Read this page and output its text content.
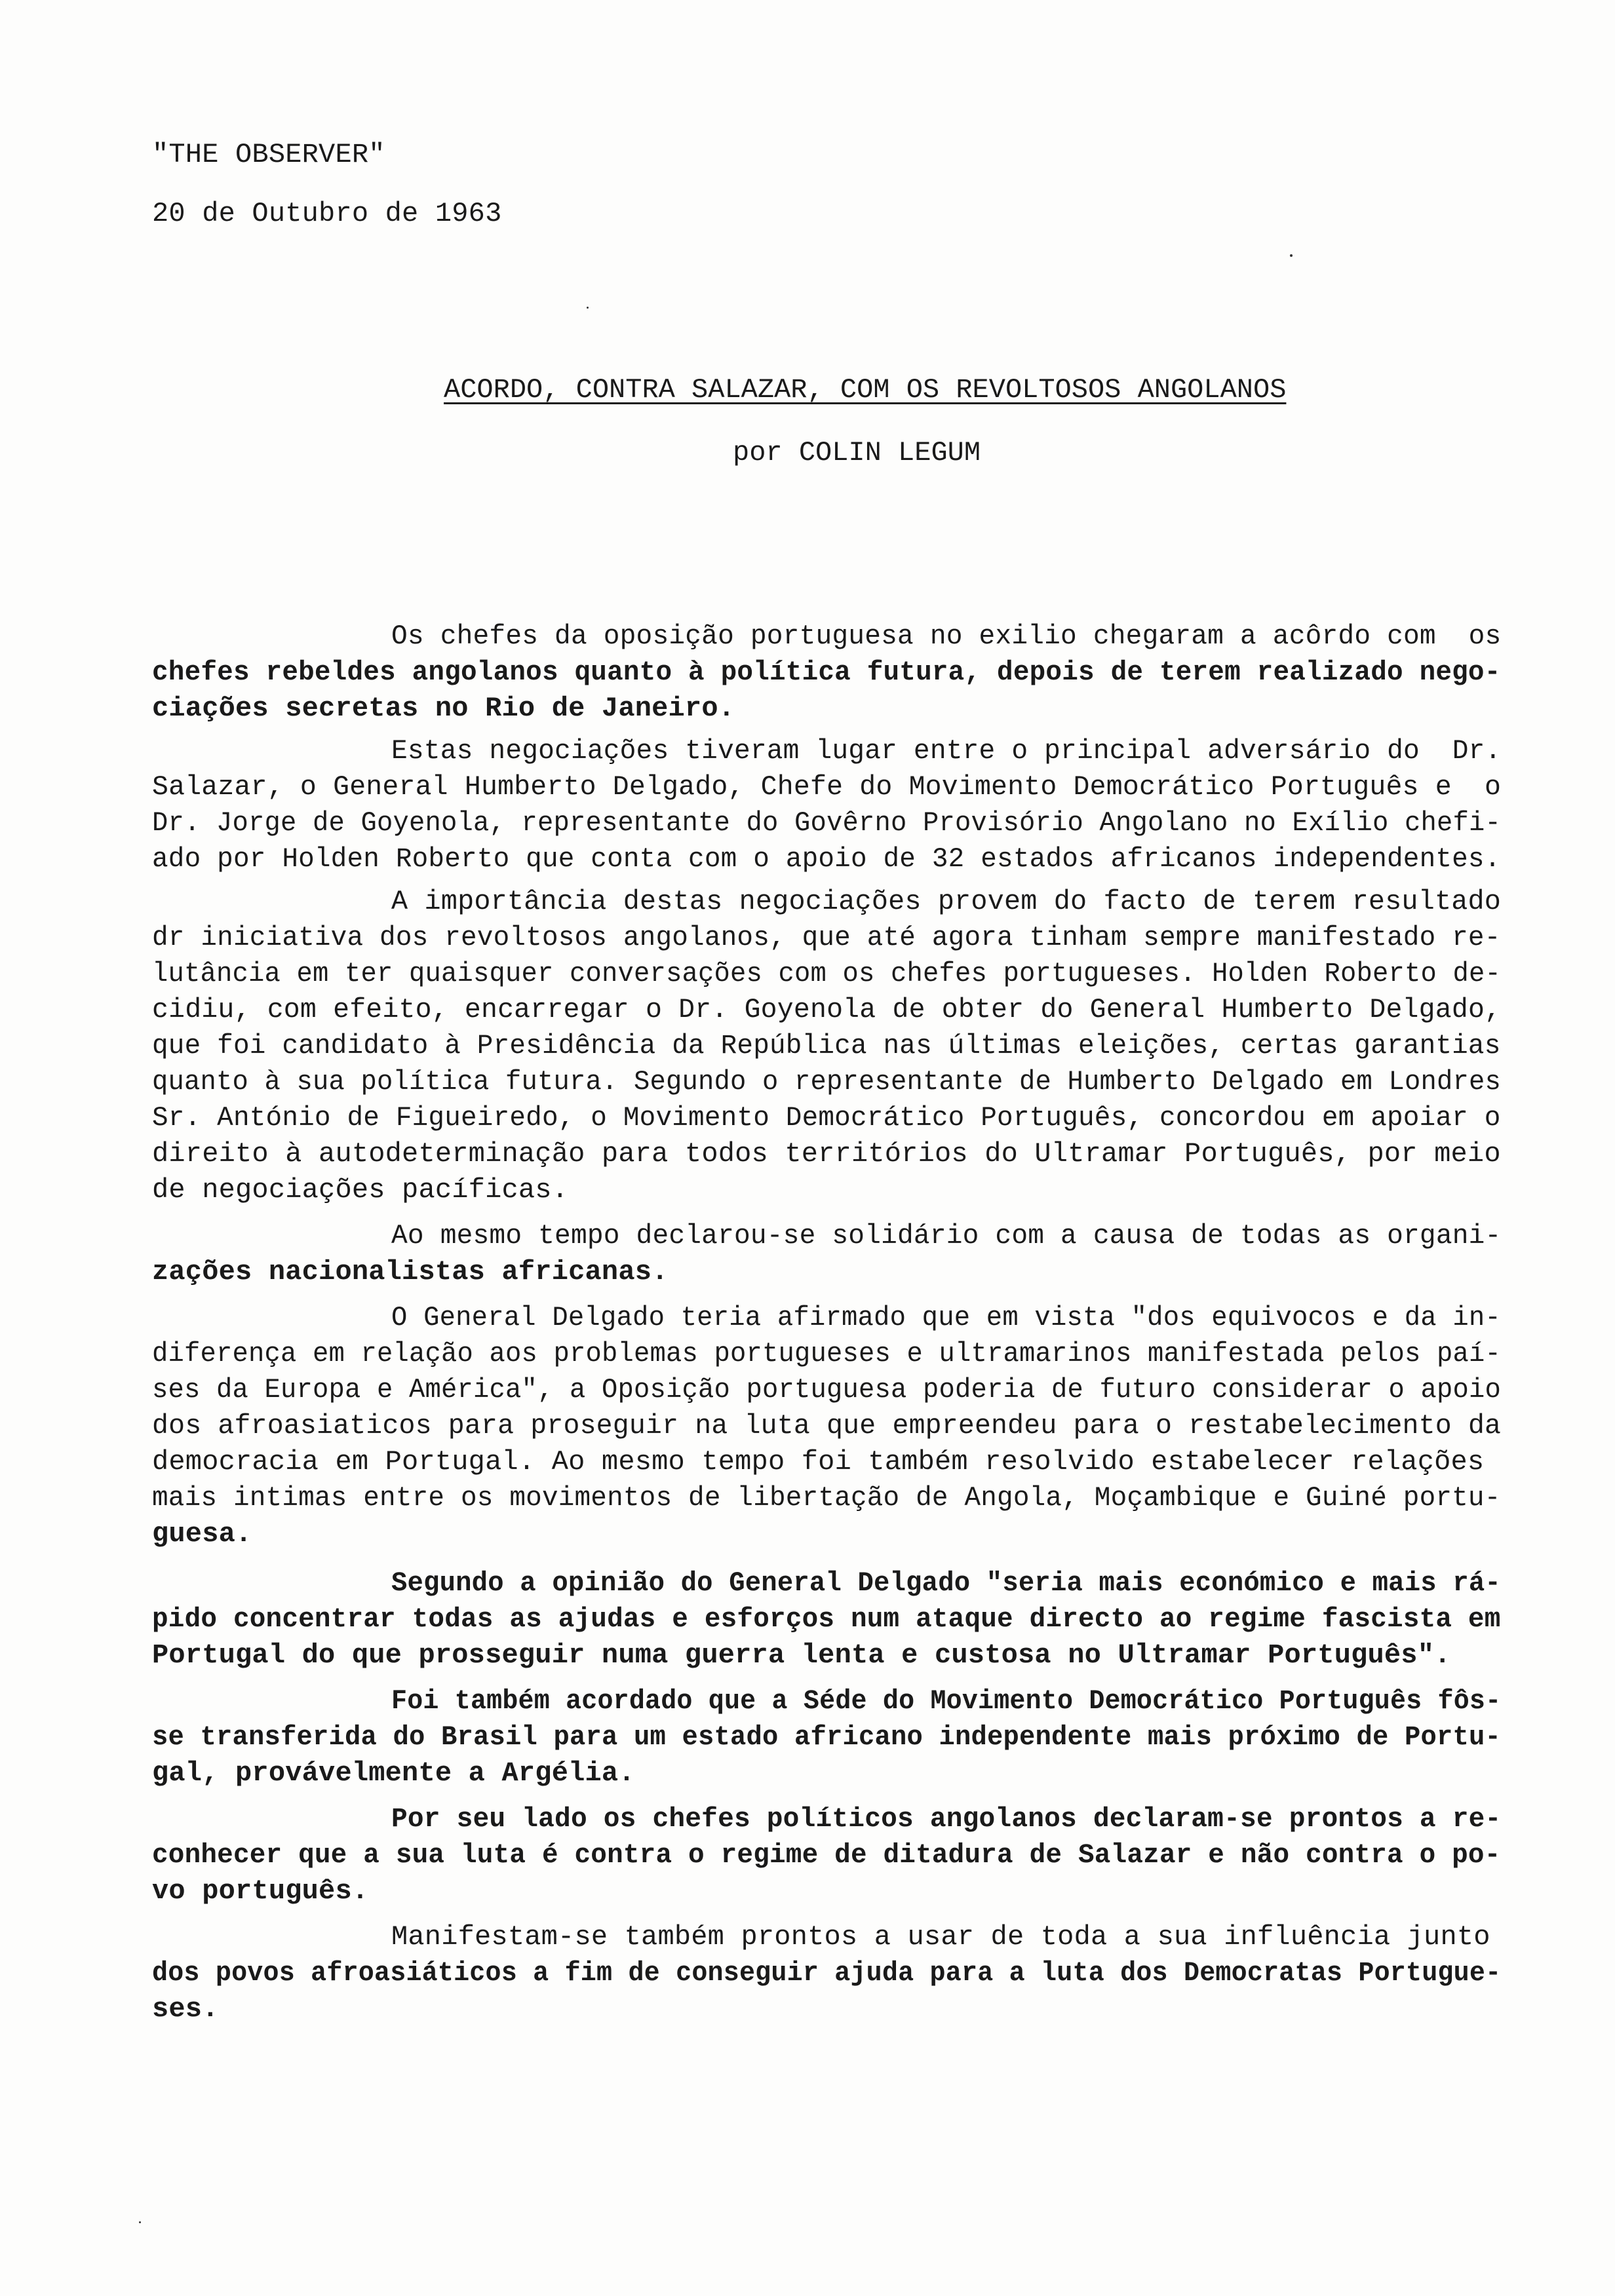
"THE OBSERVER"
20 de Outubro de 1963
ACORDO, CONTRA SALAZAR, COM OS REVOLTOSOS ANGOLANOS
por COLIN LEGUM
Os chefes da oposição portuguesa no exilio chegaram a acôrdo com  os
chefes rebeldes angolanos quanto à política futura, depois de terem realizado nego-
ciações secretas no Rio de Janeiro.
Estas negociações tiveram lugar entre o principal adversário do  Dr.
Salazar, o General Humberto Delgado, Chefe do Movimento Democrático Português e  o
Dr. Jorge de Goyenola, representante do Govêrno Provisório Angolano no Exílio chefi-
ado por Holden Roberto que conta com o apoio de 32 estados africanos independentes.
A importância destas negociações provem do facto de terem resultado
dr iniciativa dos revoltosos angolanos, que até agora tinham sempre manifestado re-
lutância em ter quaisquer conversações com os chefes portugueses. Holden Roberto de-
cidiu, com efeito, encarregar o Dr. Goyenola de obter do General Humberto Delgado,
que foi candidato à Presidência da República nas últimas eleições, certas garantias
quanto à sua política futura. Segundo o representante de Humberto Delgado em Londres
Sr. António de Figueiredo, o Movimento Democrático Português, concordou em apoiar o
direito à autodeterminação para todos territórios do Ultramar Português, por meio
de negociações pacíficas.
Ao mesmo tempo declarou-se solidário com a causa de todas as organi-
zações nacionalistas africanas.
O General Delgado teria afirmado que em vista "dos equivocos e da in-
diferença em relação aos problemas portugueses e ultramarinos manifestada pelos paí-
ses da Europa e América", a Oposição portuguesa poderia de futuro considerar o apoio
dos afroasiaticos para proseguir na luta que empreendeu para o restabelecimento da
democracia em Portugal. Ao mesmo tempo foi também resolvido estabelecer relações
mais intimas entre os movimentos de libertação de Angola, Moçambique e Guiné portu-
guesa.
Segundo a opinião do General Delgado "seria mais económico e mais rá-
pido concentrar todas as ajudas e esforços num ataque directo ao regime fascista em
Portugal do que prosseguir numa guerra lenta e custosa no Ultramar Português".
Foi também acordado que a Séde do Movimento Democrático Português fôs-
se transferida do Brasil para um estado africano independente mais próximo de Portu-
gal, provávelmente a Argélia.
Por seu lado os chefes políticos angolanos declaram-se prontos a re-
conhecer que a sua luta é contra o regime de ditadura de Salazar e não contra o po-
vo português.
Manifestam-se também prontos a usar de toda a sua influência junto
dos povos afroasiáticos a fim de conseguir ajuda para a luta dos Democratas Portugue-
ses.
